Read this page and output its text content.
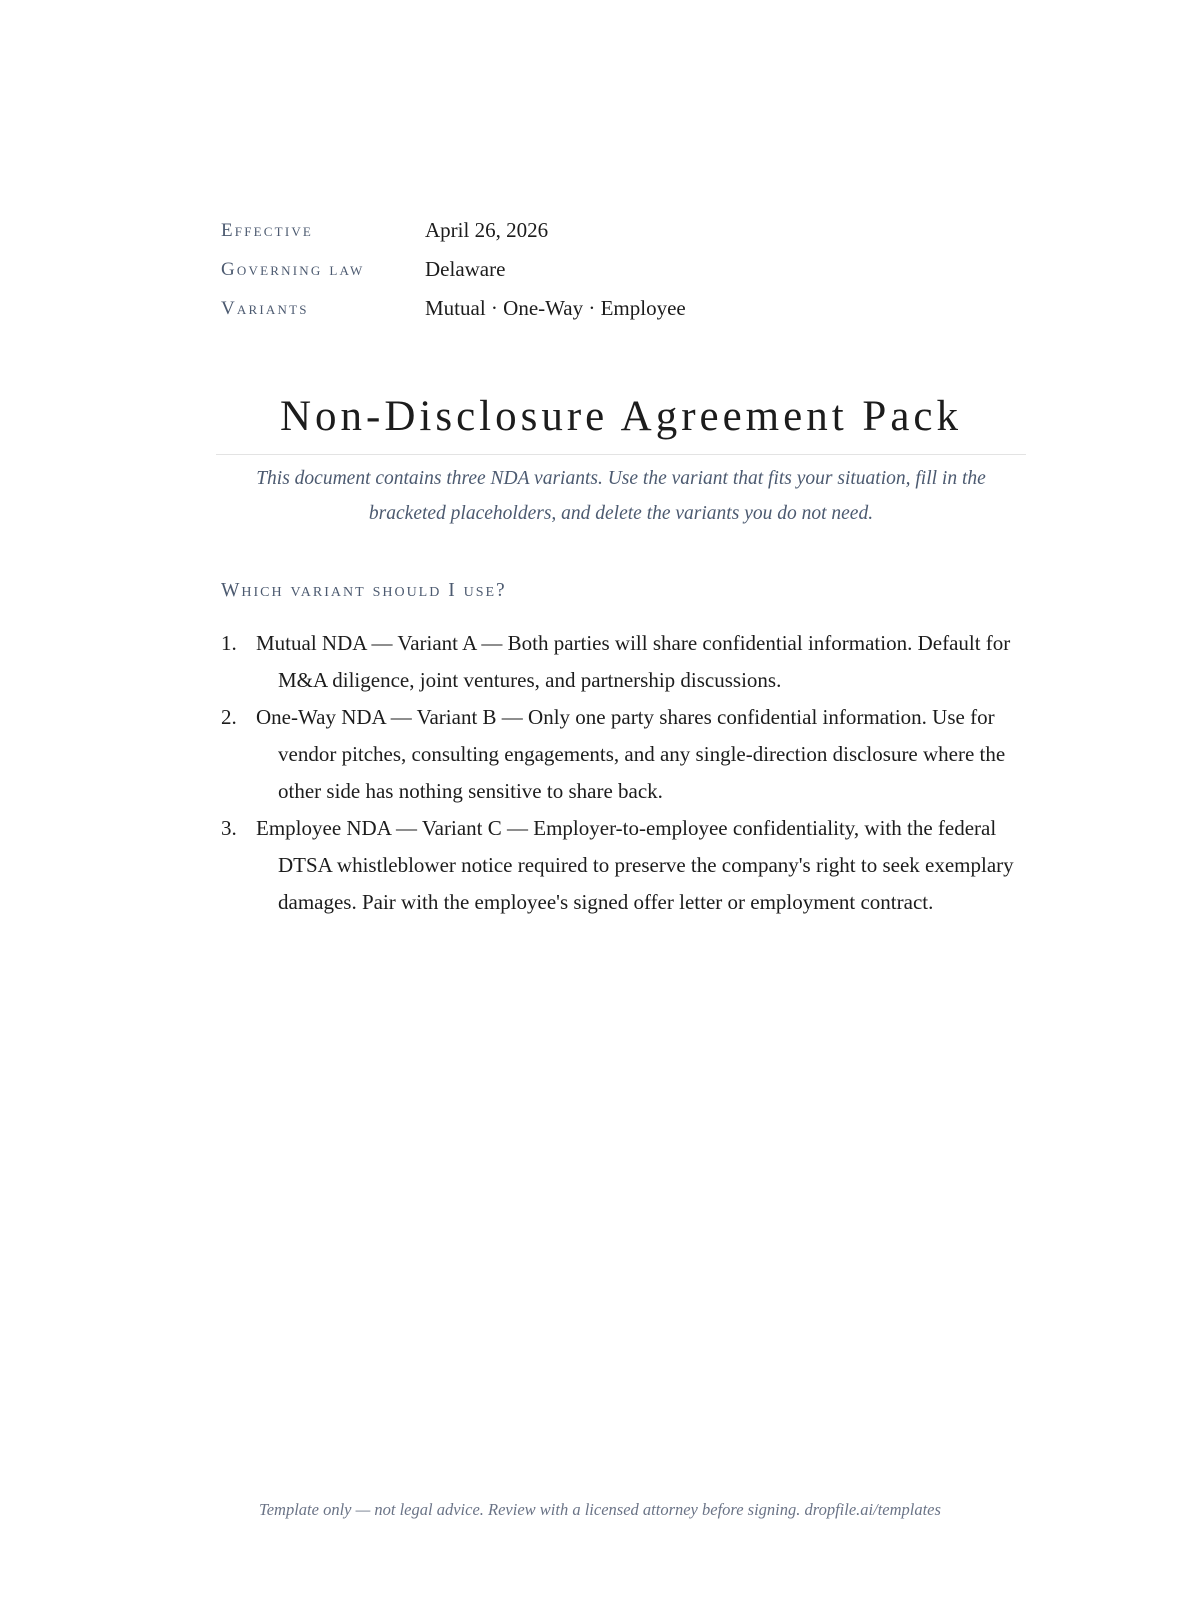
Effective	April 26, 2026
Governing law	Delaware
Variants	Mutual · One-Way · Employee
Non-Disclosure Agreement Pack

This document contains three NDA variants. Use the variant that fits your situation, fill in the bracketed placeholders, and delete the variants you do not need.

Which variant should I use?
1. Mutual NDA — Variant A — Both parties will share confidential information. Default for M&A diligence, joint ventures, and partnership discussions.
2. One-Way NDA — Variant B — Only one party shares confidential information. Use for vendor pitches, consulting engagements, and any single-direction disclosure where the other side has nothing sensitive to share back.
3. Employee NDA — Variant C — Employer-to-employee confidentiality, with the federal DTSA whistleblower notice required to preserve the company's right to seek exemplary damages. Pair with the employee's signed offer letter or employment contract.

Template only — not legal advice. Review with a licensed attorney before signing. dropfile.ai/templates
